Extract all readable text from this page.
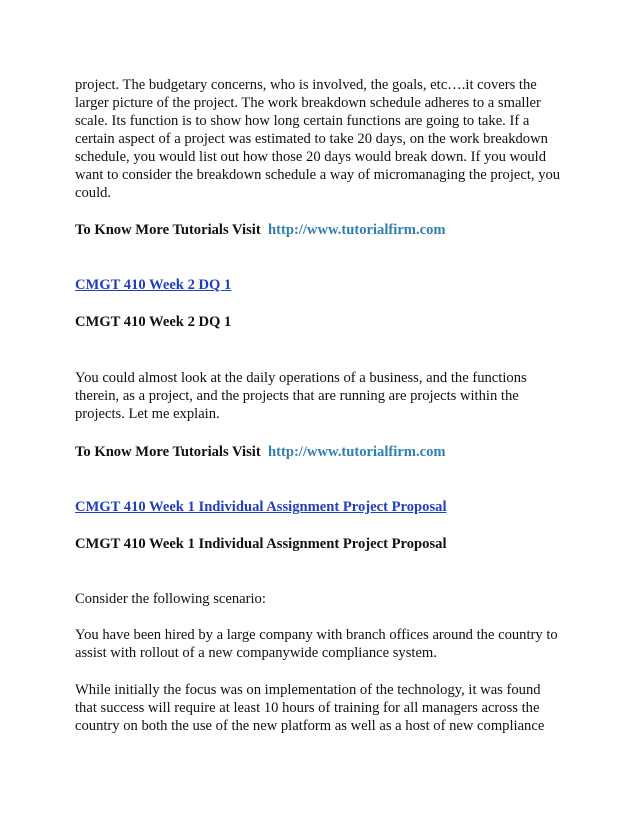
project. The budgetary concerns, who is involved, the goals, etc….it covers the
larger picture of the project. The work breakdown schedule adheres to a smaller
scale. Its function is to show how long certain functions are going to take. If a
certain aspect of a project was estimated to take 20 days, on the work breakdown
schedule, you would list out how those 20 days would break down. If you would
want to consider the breakdown schedule a way of micromanaging the project, you
could.

To Know More Tutorials Visit http://www.tutorialfirm.com
CMGT 410 Week 2 DQ 1
CMGT 410 Week 2 DQ 1

You could almost look at the daily operations of a business, and the functions
therein, as a project, and the projects that are running are projects within the
projects. Let me explain.

To Know More Tutorials Visit http://www.tutorialfirm.com
CMGT 410 Week 1 Individual Assignment Project Proposal
CMGT 410 Week 1 Individual Assignment Project Proposal

Consider the following scenario:

You have been hired by a large company with branch offices around the country to
assist with rollout of a new companywide compliance system.

While initially the focus was on implementation of the technology, it was found
that success will require at least 10 hours of training for all managers across the
country on both the use of the new platform as well as a host of new compliance
